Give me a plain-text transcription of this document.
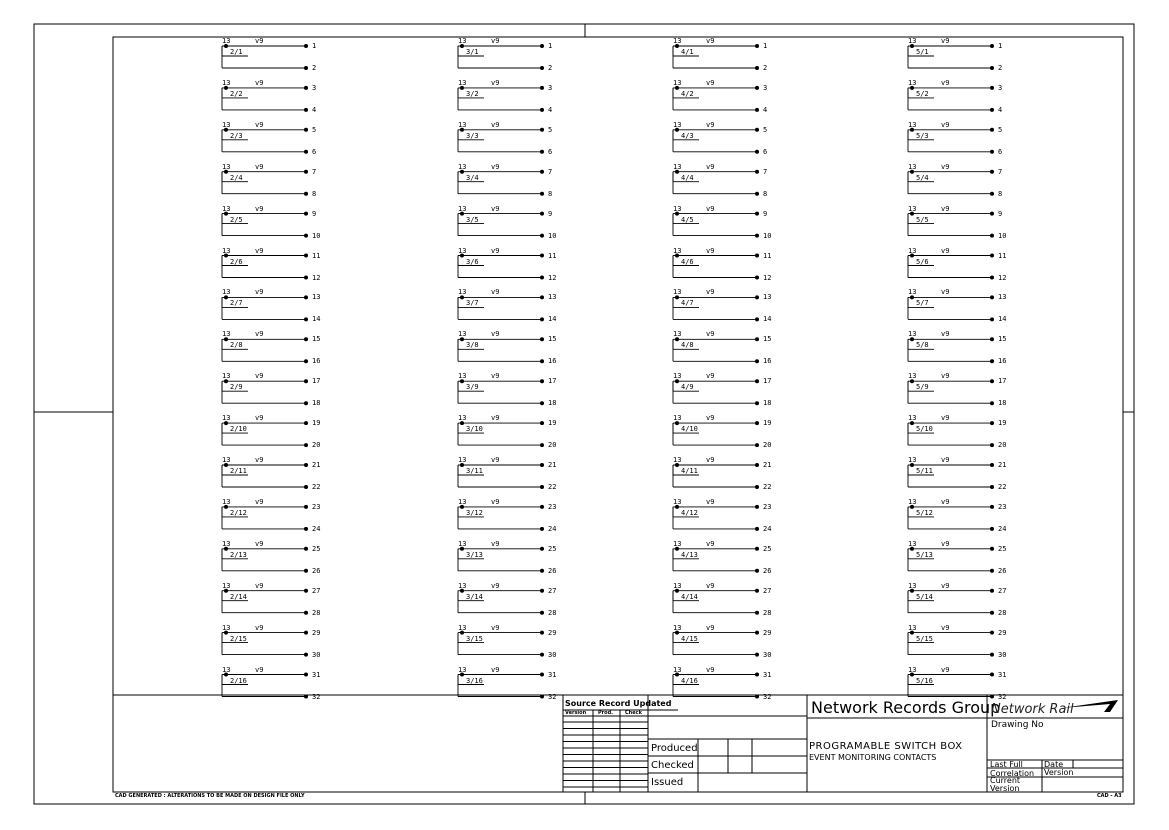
13	v9
2/1
1
2
13	v9
2/2
3
4
13	v9
2/3
5
6
13	v9
2/4
7
8
13	v9
2/5
9
10
13	v9
2/6
11
12
13	v9
2/7
13
14
13	v9
2/8
15
16
13	v9
2/9
17
18
13	v9
2/10
19
20
13	v9
2/11
21
22
13	v9
2/12
23
24
13	v9
2/13
25
26
13	v9
2/14
27
28
13	v9
2/15
29
30
13	v9
2/16
31
32
13	v9
3/1
1
2
13	v9
3/2
3
4
13	v9
3/3
5
6
13	v9
3/4
7
8
13	v9
3/5
9
10
13	v9
3/6
11
12
13	v9
3/7
13
14
13	v9
3/8
15
16
13	v9
3/9
17
18
13	v9
3/10
19
20
13	v9
3/11
21
22
13	v9
3/12
23
24
13	v9
3/13
25
26
13	v9
3/14
27
28
13	v9
3/15
29
30
13	v9
3/16
31
32
13	v9
4/1
1
2
13	v9
4/2
3
4
13	v9
4/3
5
6
13	v9
4/4
7
8
13	v9
4/5
9
10
13	v9
4/6
11
12
13	v9
4/7
13
14
13	v9
4/8
15
16
13	v9
4/9
17
18
13	v9
4/10
19
20
13	v9
4/11
21
22
13	v9
4/12
23
24
13	v9
4/13
25
26
13	v9
4/14
27
28
13	v9
4/15
29
30
13	v9
4/16
31
32
13	v9
5/1
1
2
13	v9
5/2
3
4
13	v9
5/3
5
6
13	v9
5/4
7
8
13	v9
5/5
9
10
13	v9
5/6
11
12
13	v9
5/7
13
14
13	v9
5/8
15
16
13	v9
5/9
17
18
13	v9
5/10
19
20
13	v9
5/11
21
22
13	v9
5/12
23
24
13	v9
5/13
25
26
13	v9
5/14
27
28
13	v9
5/15
29
30
13	v9
5/16
31
32
Source Record Updated
Version Prod. Check
Produced
Checked
Issued
Network Records Group
Network Rail
Drawing No
PROGRAMABLE SWITCH BOX
EVENT MONITORING CONTACTS
Last Full Correlation
Date
Version
Current Version
CAD GENERATED : ALTERATIONS TO BE MADE ON DESIGN FILE ONLY	CAD - A3
